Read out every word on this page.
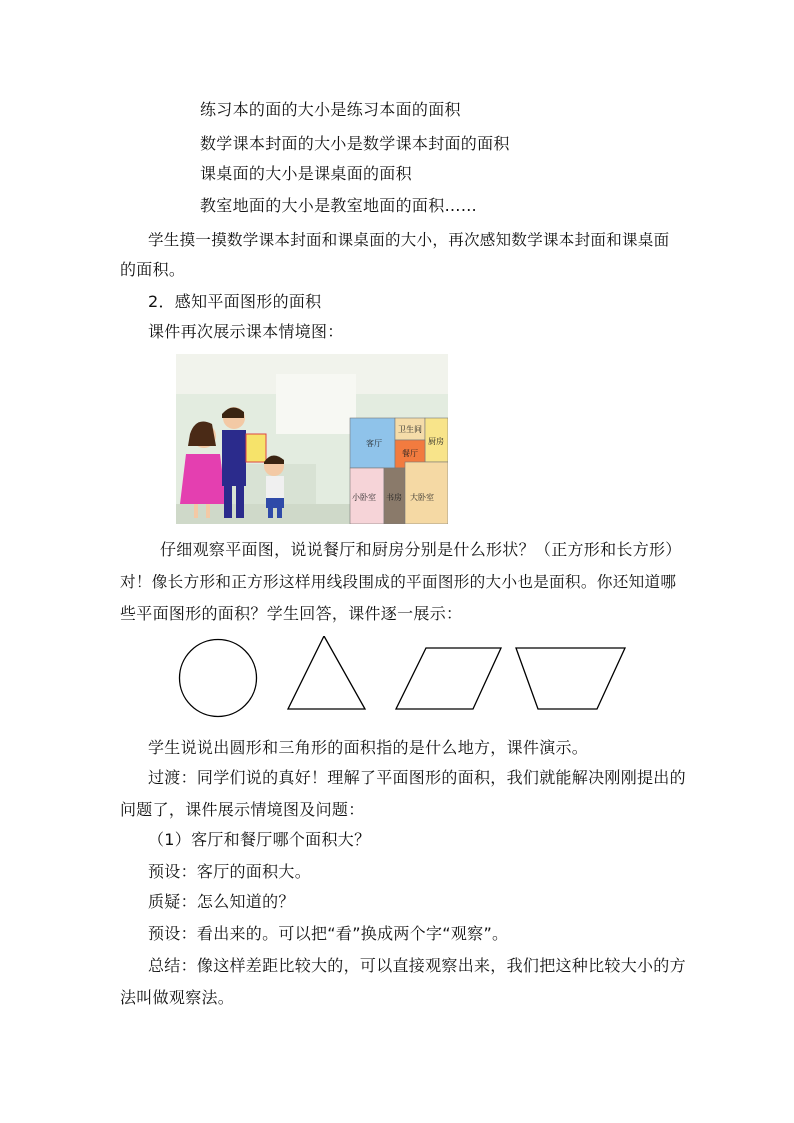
练习本的面的大小是练习本面的面积
数学课本封面的大小是数学课本封面的面积
课桌面的大小是课桌面的面积
教室地面的大小是教室地面的面积……
学生摸一摸数学课本封面和课桌面的大小，再次感知数学课本封面和课桌面
的面积。
2．感知平面图形的面积
课件再次展示课本情境图：
客厅
卫生间
厨房
餐厅
小卧室 书房 大卧室
仔细观察平面图，说说餐厅和厨房分别是什么形状？（正方形和长方形）
对！像长方形和正方形这样用线段围成的平面图形的大小也是面积。你还知道哪
些平面图形的面积？学生回答，课件逐一展示：
学生说说出圆形和三角形的面积指的是什么地方，课件演示。
过渡：同学们说的真好！理解了平面图形的面积，我们就能解决刚刚提出的
问题了，课件展示情境图及问题：
（1）客厅和餐厅哪个面积大？
预设：客厅的面积大。
质疑：怎么知道的？
预设：看出来的。可以把“看”换成两个字“观察”。
总结：像这样差距比较大的，可以直接观察出来，我们把这种比较大小的方
法叫做观察法。
